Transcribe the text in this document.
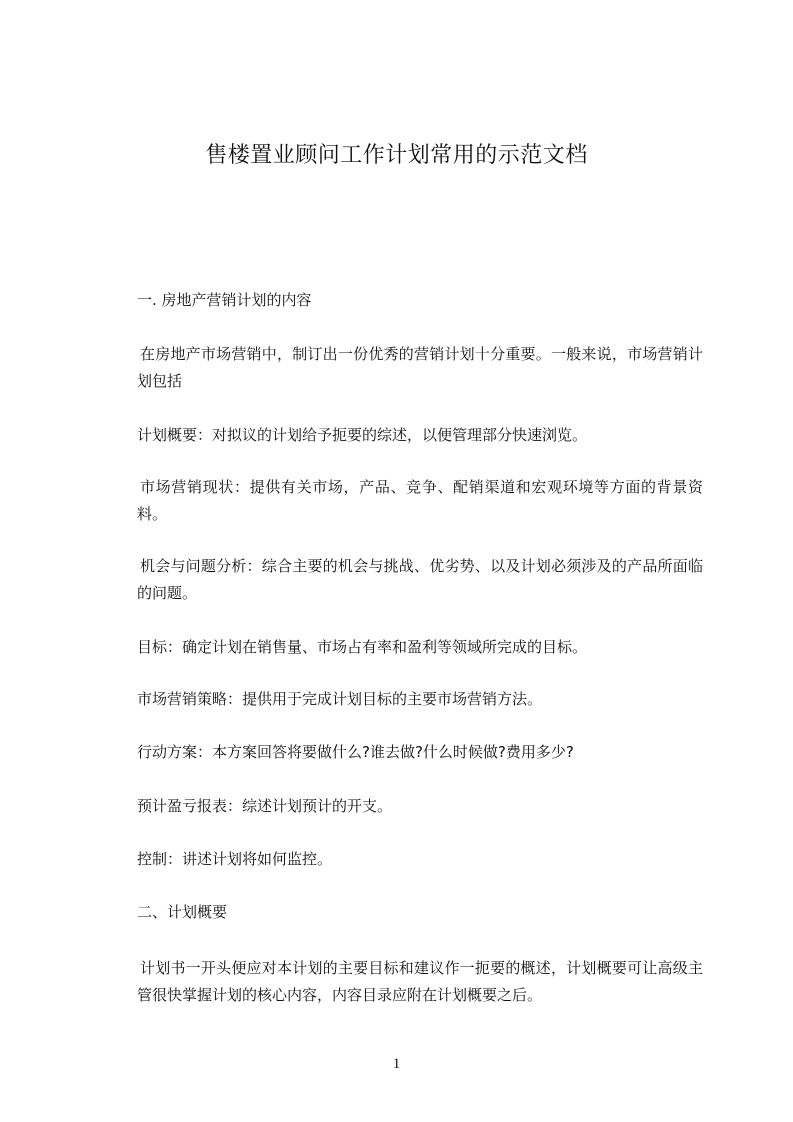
售楼置业顾问工作计划常用的示范文档
一. 房地产营销计划的内容
在房地产市场营销中，制订出一份优秀的营销计划十分重要。一般来说，市场营销计划包括
计划概要：对拟议的计划给予扼要的综述，以便管理部分快速浏览。
市场营销现状：提供有关市场，产品、竞争、配销渠道和宏观环境等方面的背景资料。
机会与问题分析：综合主要的机会与挑战、优劣势、以及计划必须涉及的产品所面临的问题。
目标：确定计划在销售量、市场占有率和盈利等领域所完成的目标。
市场营销策略：提供用于完成计划目标的主要市场营销方法。
行动方案：本方案回答将要做什么?谁去做?什么时候做?费用多少?
预计盈亏报表：综述计划预计的开支。
控制：讲述计划将如何监控。
二、计划概要
计划书一开头便应对本计划的主要目标和建议作一扼要的概述，计划概要可让高级主管很快掌握计划的核心内容，内容目录应附在计划概要之后。
1
